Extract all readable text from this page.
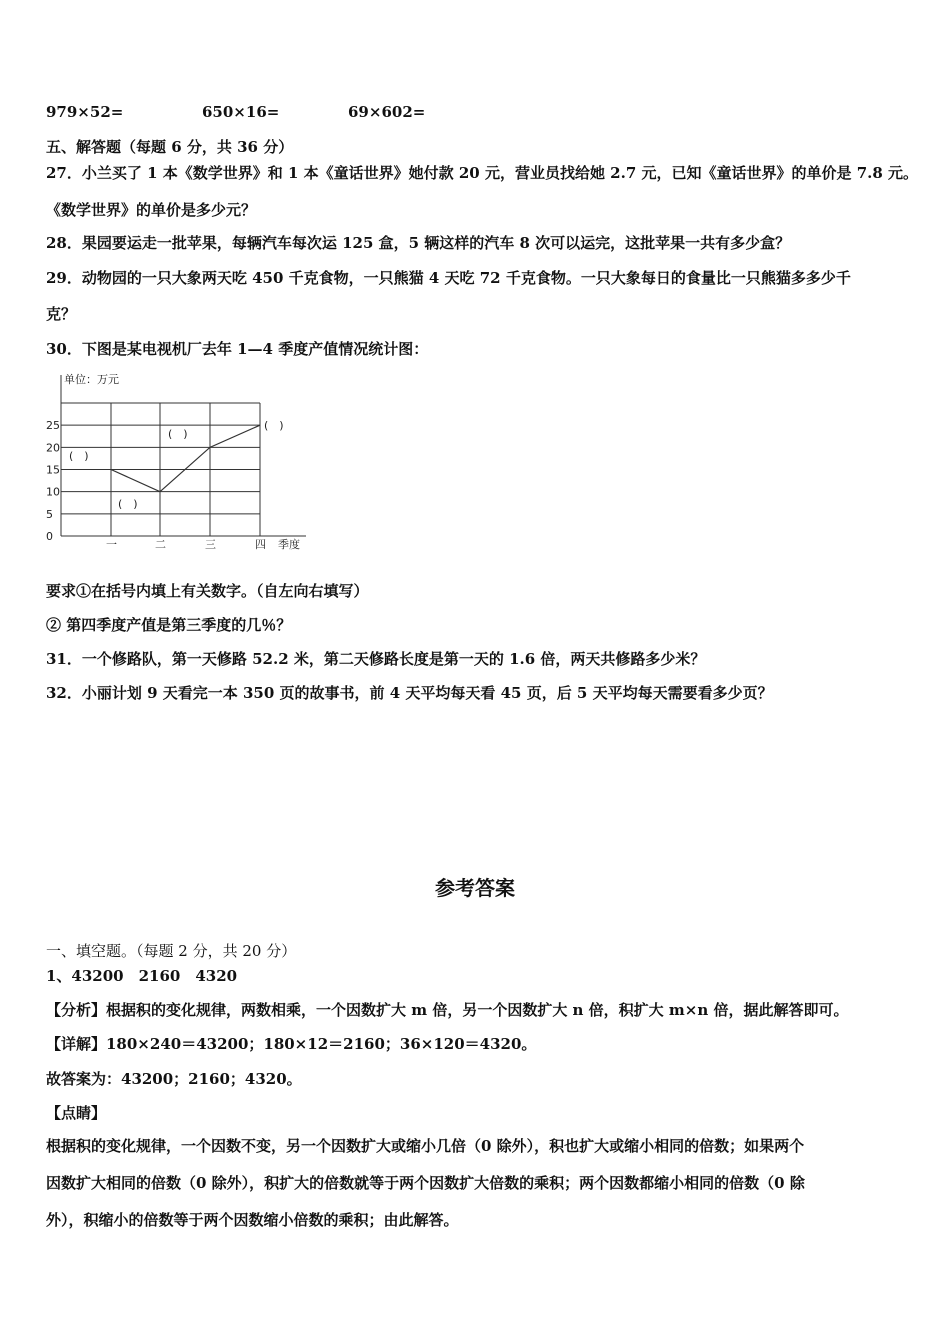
979×52=	650×16=	69×602=
五、解答题（每题 6 分，共 36 分）
27．小兰买了 1 本《数学世界》和 1 本《童话世界》她付款 20 元，营业员找给她 2.7 元，已知《童话世界》的单价是 7.8 元。
《数学世界》的单价是多少元？
28．果园要运走一批苹果，每辆汽车每次运 125 盒，5 辆这样的汽车 8 次可以运完，这批苹果一共有多少盒？
29．动物园的一只大象两天吃 450 千克食物，一只熊猫 4 天吃 72 千克食物。一只大象每日的食量比一只熊猫多多少千
克？
30．下图是某电视机厂去年 1—4 季度产值情况统计图：
0
5
10
15
20
25
一	二	三	四
(　)
(　)
(　)
(　)
单位：万元
季度
要求①在括号内填上有关数字。（自左向右填写）
② 第四季度产值是第三季度的几％？
31．一个修路队，第一天修路 52.2 米，第二天修路长度是第一天的 1.6 倍，两天共修路多少米？
32．小丽计划 9 天看完一本 350 页的故事书，前 4 天平均每天看 45 页，后 5 天平均每天需要看多少页？
参考答案
一、填空题。（每题 2 分，共 20 分）
1、43200　2160　4320
【分析】根据积的变化规律，两数相乘，一个因数扩大 m 倍，另一个因数扩大 n 倍，积扩大 m×n 倍，据此解答即可。
【详解】180×240＝43200；180×12＝2160；36×120＝4320。
故答案为：43200；2160；4320。
【点睛】
根据积的变化规律，一个因数不变，另一个因数扩大或缩小几倍（0 除外），积也扩大或缩小相同的倍数；如果两个
因数扩大相同的倍数（0 除外），积扩大的倍数就等于两个因数扩大倍数的乘积；两个因数都缩小相同的倍数（0 除
外），积缩小的倍数等于两个因数缩小倍数的乘积；由此解答。
